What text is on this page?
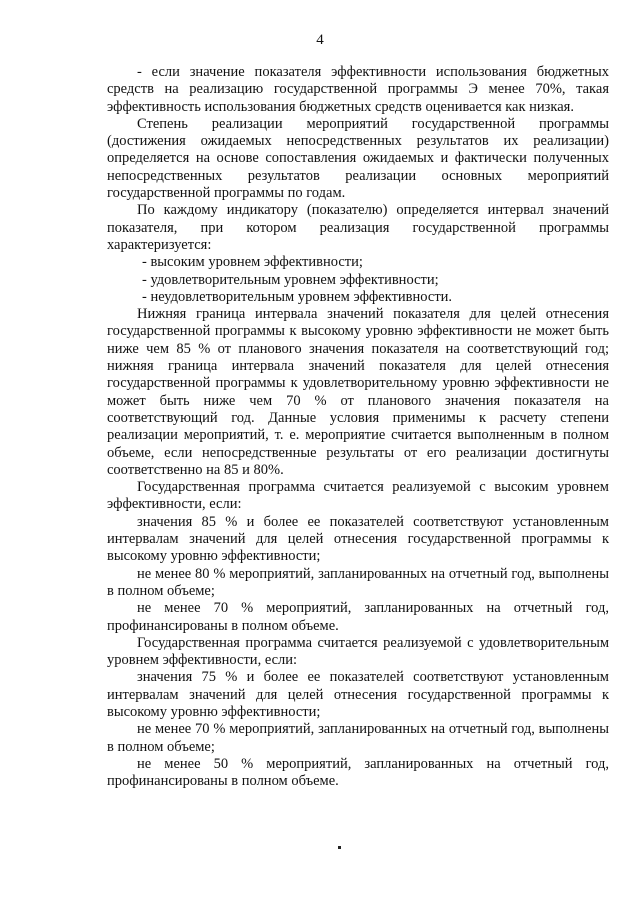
4

- если значение показателя эффективности использования бюджетных средств на реализацию государственной программы Э менее 70%, такая эффективность использования бюджетных средств оценивается как низкая.

Степень реализации мероприятий государственной программы (достижения ожидаемых непосредственных результатов их реализации) определяется на основе сопоставления ожидаемых и фактически полученных непосредственных результатов реализации основных мероприятий государственной программы по годам.

По каждому индикатору (показателю) определяется интервал значений показателя, при котором реализация государственной программы характеризуется:

- высоким уровнем эффективности;

- удовлетворительным уровнем эффективности;

- неудовлетворительным уровнем эффективности.

Нижняя граница интервала значений показателя для целей отнесения государственной программы к высокому уровню эффективности не может быть ниже чем 85 % от планового значения показателя на соответствующий год; нижняя граница интервала значений показателя для целей отнесения государственной программы к удовлетворительному уровню эффективности не может быть ниже чем 70 % от планового значения показателя на соответствующий год. Данные условия применимы к расчету степени реализации мероприятий, т. е. мероприятие считается выполненным в полном объеме, если непосредственные результаты от его реализации достигнуты соответственно на 85 и 80%.

Государственная программа считается реализуемой с высоким уровнем эффективности, если:

значения 85 % и более ее показателей соответствуют установленным интервалам значений для целей отнесения государственной программы к высокому уровню эффективности;

не менее 80 % мероприятий, запланированных на отчетный год, выполнены в полном объеме;

не менее 70 % мероприятий, запланированных на отчетный год, профинансированы в полном объеме.

Государственная программа считается реализуемой с удовлетворительным уровнем эффективности, если:

значения 75 % и более ее показателей соответствуют установленным интервалам значений для целей отнесения государственной программы к высокому уровню эффективности;

не менее 70 % мероприятий, запланированных на отчетный год, выполнены в полном объеме;

не менее 50 % мероприятий, запланированных на отчетный год, профинансированы в полном объеме.
